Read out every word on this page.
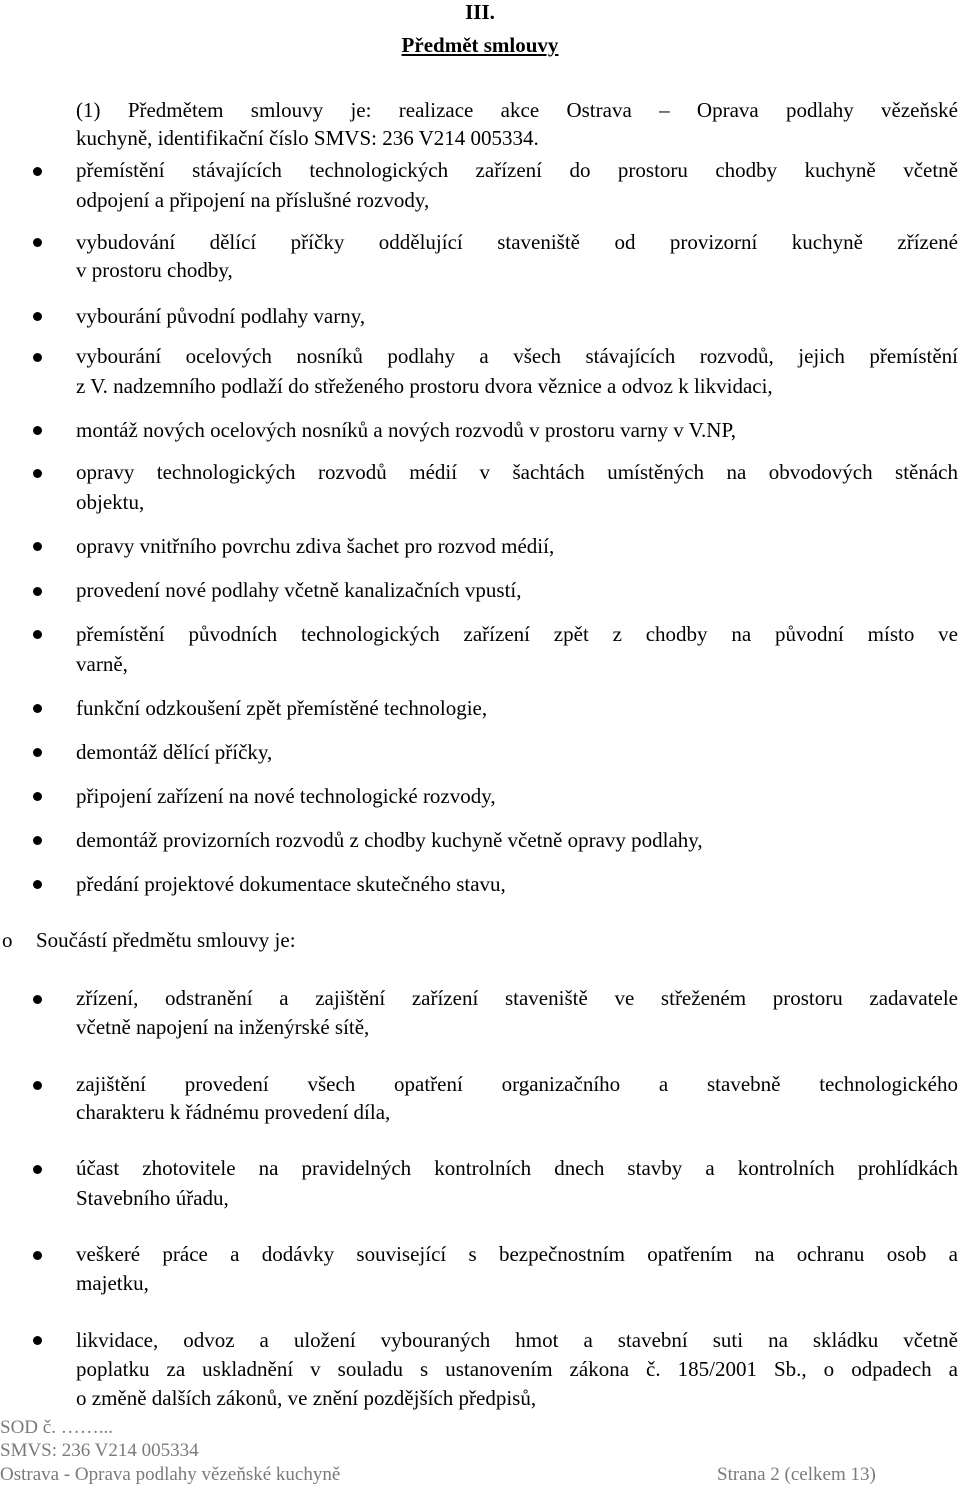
III.
Předmět smlouvy
(1) Předmětem smlouvy je: realizace akce Ostrava – Oprava podlahy vězeňské
kuchyně, identifikační číslo SMVS: 236 V214 005334.
přemístění stávajících technologických zařízení do prostoru chodby kuchyně včetně
odpojení a připojení na příslušné rozvody,
vybudování dělící příčky oddělující staveniště od provizorní kuchyně zřízené
v prostoru chodby,
vybourání původní podlahy varny,
vybourání ocelových nosníků podlahy a všech stávajících rozvodů, jejich přemístění
z V. nadzemního podlaží do střeženého prostoru dvora věznice a odvoz k likvidaci,
montáž nových ocelových nosníků a nových rozvodů v prostoru varny v V.NP,
opravy technologických rozvodů médií v šachtách umístěných na obvodových stěnách
objektu,
opravy vnitřního povrchu zdiva šachet pro rozvod médií,
provedení nové podlahy včetně kanalizačních vpustí,
přemístění původních technologických zařízení zpět z chodby na původní místo ve
varně,
funkční odzkoušení zpět přemístěné technologie,
demontáž dělící příčky,
připojení zařízení na nové technologické rozvody,
demontáž provizorních rozvodů z chodby kuchyně včetně opravy podlahy,
předání projektové dokumentace skutečného stavu,
o Součástí předmětu smlouvy je:
zřízení, odstranění a zajištění zařízení staveniště ve střeženém prostoru zadavatele
včetně napojení na inženýrské sítě,
zajištění provedení všech opatření organizačního a stavebně technologického
charakteru k řádnému provedení díla,
účast zhotovitele na pravidelných kontrolních dnech stavby a kontrolních prohlídkách
Stavebního úřadu,
veškeré práce a dodávky související s bezpečnostním opatřením na ochranu osob a
majetku,
likvidace, odvoz a uložení vybouraných hmot a stavební suti na skládku včetně
poplatku za uskladnění v souladu s ustanovením zákona č. 185/2001 Sb., o odpadech a
o změně dalších zákonů, ve znění pozdějších předpisů,
SOD č. ……...
SMVS: 236 V214 005334
Ostrava - Oprava podlahy vězeňské kuchyně	Strana 2 (celkem 13)
